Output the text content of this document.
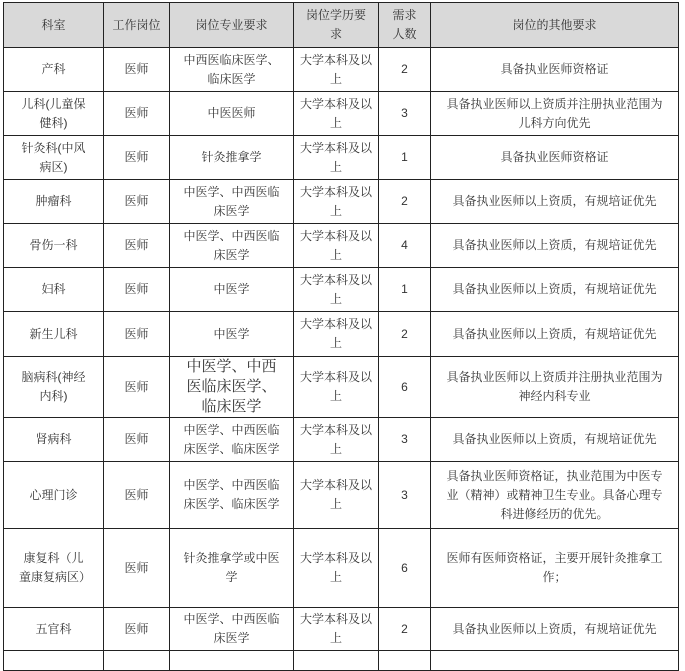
科室	工作岗位	岗位专业要求	岗位学历要求	需求人数	岗位的其他要求
产科	医师	中西医临床医学、临床医学	大学本科及以上	2	具备执业医师资格证
儿科(儿童保健科)	医师	中医医师	大学本科及以上	3	具备执业医师以上资质并注册执业范围为儿科方向优先
针灸科(中风病区)	医师	针灸推拿学	大学本科及以上	1	具备执业医师资格证
肿瘤科	医师	中医学、中西医临床医学	大学本科及以上	2	具备执业医师以上资质，有规培证优先
骨伤一科	医师	中医学、中西医临床医学	大学本科及以上	4	具备执业医师以上资质，有规培证优先
妇科	医师	中医学	大学本科及以上	1	具备执业医师以上资质，有规培证优先
新生儿科	医师	中医学	大学本科及以上	2	具备执业医师以上资质，有规培证优先
脑病科(神经内科)	医师	中医学、中西医临床医学、临床医学	大学本科及以上	6	具备执业医师以上资质并注册执业范围为神经内科专业
肾病科	医师	中医学、中西医临床医学、临床医学	大学本科及以上	3	具备执业医师以上资质，有规培证优先
心理门诊	医师	中医学、中西医临床医学、临床医学	大学本科及以上	3	具备执业医师资格证，执业范围为中医专业（精神）或精神卫生专业。具备心理专科进修经历的优先。
康复科（儿童康复病区）	医师	针灸推拿学或中医学	大学本科及以上	6	医师有医师资格证，主要开展针灸推拿工作；
五官科	医师	中医学、中西医临床医学	大学本科及以上	2	具备执业医师以上资质，有规培证优先
